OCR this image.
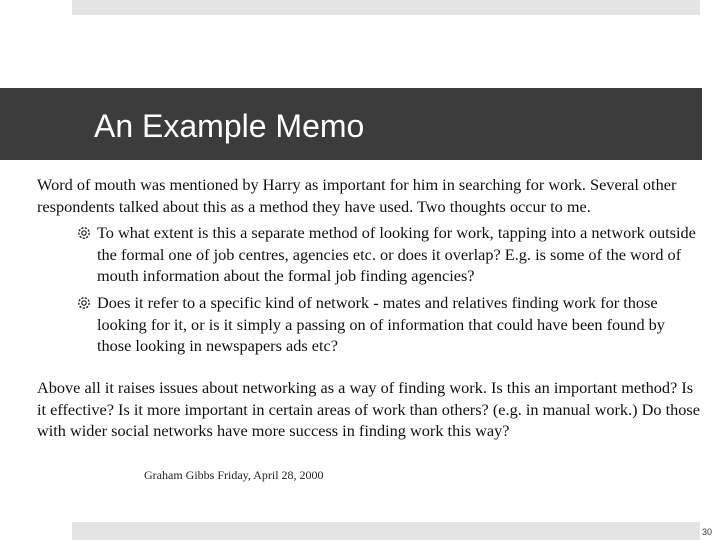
An Example Memo
Word of mouth was mentioned by Harry as important for him in searching for work. Several other respondents talked about this as a method they have used. Two thoughts occur to me.
To what extent is this a separate method of looking for work, tapping into a network outside the formal one of job centres, agencies etc. or does it overlap? E.g. is some of the word of mouth information about the formal job finding agencies?
Does it refer to a specific kind of network - mates and relatives finding work for those looking for it, or is it simply a passing on of information that could have been found by those looking in newspapers ads etc?
Above all it raises issues about networking as a way of finding work. Is this an important method? Is it effective? Is it more important in certain areas of work than others? (e.g. in manual work.) Do those with wider social networks have more success in finding work this way?
Graham Gibbs Friday, April 28, 2000
30
